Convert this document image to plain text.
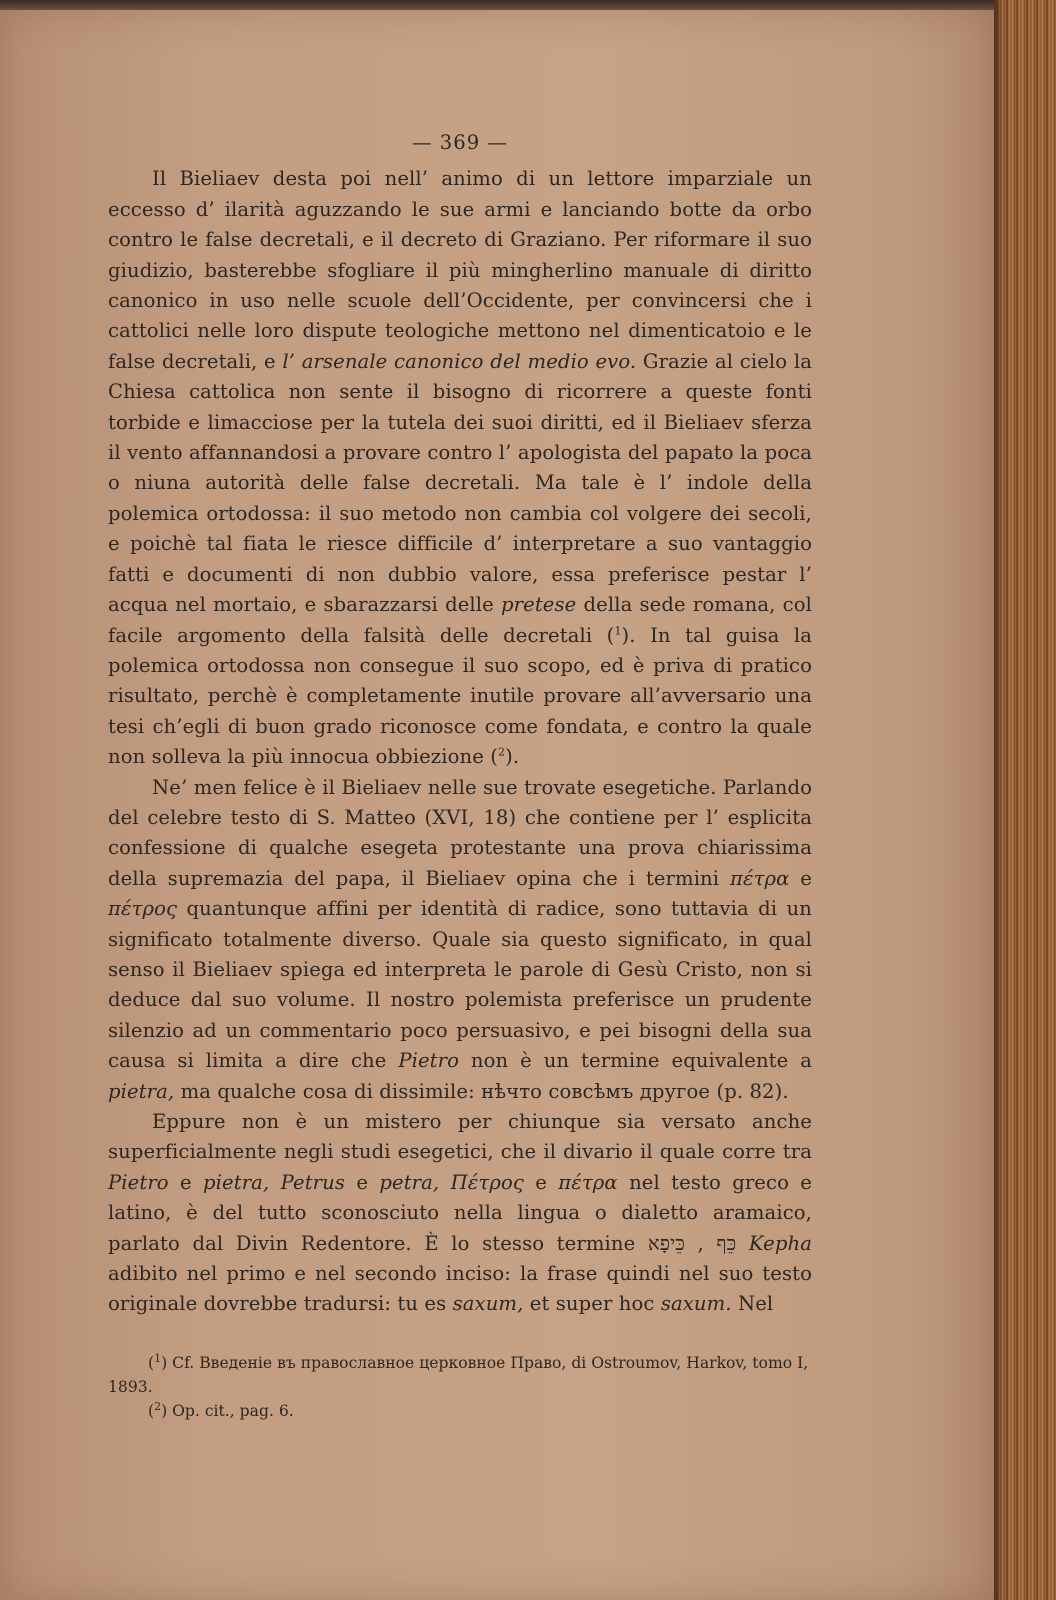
— 369 —

Il Bieliaev desta poi nell’ animo di un lettore imparziale un eccesso d’ ilarità aguzzando le sue armi e lanciando botte da orbo contro le false decretali, e il decreto di Graziano. Per riformare il suo giudizio, basterebbe sfogliare il più mingherlino manuale di diritto canonico in uso nelle scuole dell’Occidente, per convincersi che i cattolici nelle loro dispute teologiche mettono nel dimenticatoio e le false decretali, e l’ arsenale canonico del medio evo. Grazie al cielo la Chiesa cattolica non sente il bisogno di ricorrere a queste fonti torbide e limacciose per la tutela dei suoi diritti, ed il Bieliaev sferza il vento affannandosi a provare contro l’ apologista del papato la poca o niuna autorità delle false decretali. Ma tale è l’ indole della polemica ortodossa: il suo metodo non cambia col volgere dei secoli, e poichè tal fiata le riesce difficile d’ interpretare a suo vantaggio fatti e documenti di non dubbio valore, essa preferisce pestar l’ acqua nel mortaio, e sbarazzarsi delle pretese della sede romana, col facile argomento della falsità delle decretali ($^1$). In tal guisa la polemica ortodossa non consegue il suo scopo, ed è priva di pratico risultato, perchè è completamente inutile provare all’avversario una tesi ch’egli di buon grado riconosce come fondata, e contro la quale non solleva la più innocua obbiezione ($^2$).

Ne’ men felice è il Bieliaev nelle sue trovate esegetiche. Parlando del celebre testo di S. Matteo (XVI, 18) che contiene per l’ esplicita confessione di qualche esegeta protestante una prova chiarissima della supremazia del papa, il Bieliaev opina che i termini πέτρα e πέτρος quantunque affini per identità di radice, sono tuttavia di un significato totalmente diverso. Quale sia questo significato, in qual senso il Bieliaev spiega ed interpreta le parole di Gesù Cristo, non si deduce dal suo volume. Il nostro polemista preferisce un prudente silenzio ad un commentario poco persuasivo, e pei bisogni della sua causa si limita a dire che Pietro non è un termine equivalente a pietra, ma qualche cosa di dissimile: нѣчто совсѣмъ другое (p. 82).

Eppure non è un mistero per chiunque sia versato anche superficialmente negli studi esegetici, che il divario il quale corre tra Pietro e pietra, Petrus e petra, Πέτρος e πέτρα nel testo greco e latino, è del tutto sconosciuto nella lingua o dialetto aramaico, parlato dal Divin Redentore. È lo stesso termine כֵּף , כֵּיפָא Kepha adibito nel primo e nel secondo inciso: la frase quindi nel suo testo originale dovrebbe tradursi: tu es saxum, et super hoc saxum. Nel

($^1$) Cf. Введеніе въ православное церковное Право, di Ostroumov, Harkov, tomo I, 1893.

($^2$) Op. cit., pag. 6.
